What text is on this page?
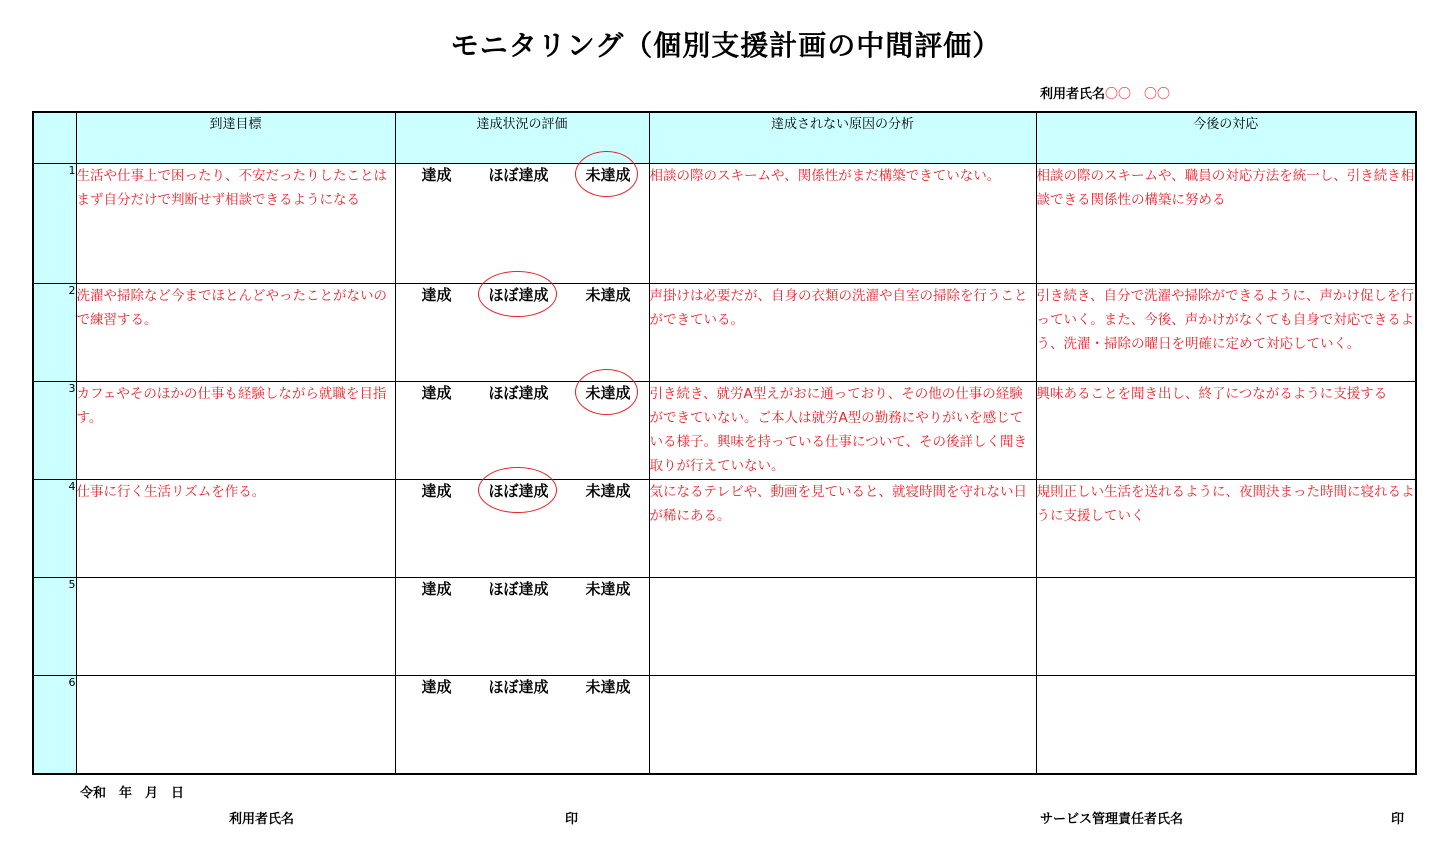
モニタリング（個別支援計画の中間評価）
利用者氏名〇〇　〇〇
	到達目標	達成状況の評価	達成されない原因の分析	今後の対応
1	生活や仕事上で困ったり、不安だったりしたことはまず自分だけで判断せず相談できるようになる	達成 ほぼ達成 未達成	相談の際のスキームや、関係性がまだ構築できていない。	相談の際のスキームや、職員の対応方法を統一し、引き続き相談できる関係性の構築に努める
2	洗濯や掃除など今までほとんどやったことがないので練習する。	達成 ほぼ達成 未達成	声掛けは必要だが、自身の衣類の洗濯や自室の掃除を行うことができている。	引き続き、自分で洗濯や掃除ができるように、声かけ促しを行っていく。また、今後、声かけがなくても自身で対応できるよう、洗濯・掃除の曜日を明確に定めて対応していく。
3	カフェやそのほかの仕事も経験しながら就職を目指す。	達成 ほぼ達成 未達成	引き続き、就労A型えがおに通っており、その他の仕事の経験ができていない。ご本人は就労A型の勤務にやりがいを感じている様子。興味を持っている仕事について、その後詳しく聞き取りが行えていない。	興味あることを聞き出し、終了につながるように支援する
4	仕事に行く生活リズムを作る。	達成 ほぼ達成 未達成	気になるテレビや、動画を見ていると、就寝時間を守れない日が稀にある。	規則正しい生活を送れるように、夜間決まった時間に寝れるように支援していく
5		達成 ほぼ達成 未達成		

6		達成 ほぼ達成 未達成		

令和　年　月　日
利用者氏名	印	サービス管理責任者氏名	印
